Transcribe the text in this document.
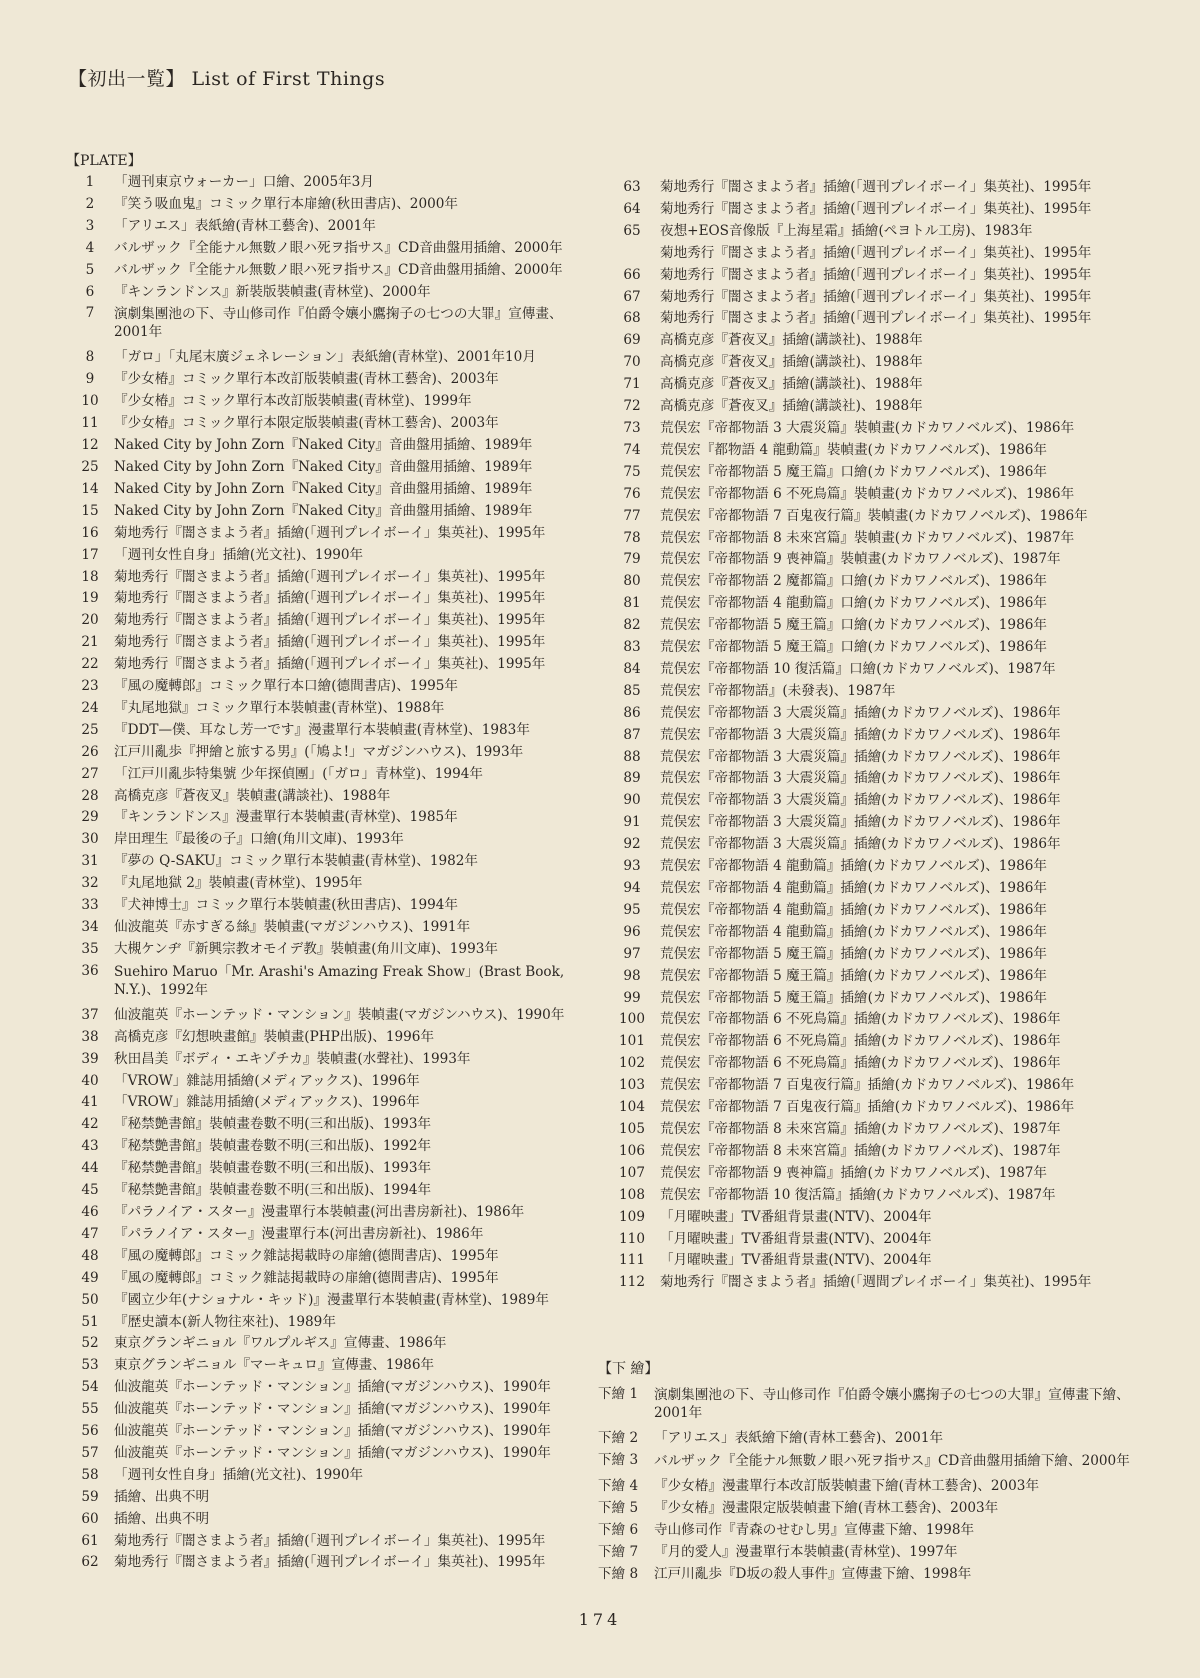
【初出一覧】 List of First Things
【PLATE】
1	「週刊東京ウォーカー」口繪、2005年3月
2	『笑う吸血鬼』コミック單行本扉繪(秋田書店)、2000年
3	「アリエス」表紙繪(青林工藝舍)、2001年
4	バルザック『全能ナル無數ノ眼ハ死ヲ指サス』CD音曲盤用插繪、2000年
5	バルザック『全能ナル無數ノ眼ハ死ヲ指サス』CD音曲盤用插繪、2000年
6	『キンランドンス』新裝版裝幀畫(青林堂)、2000年
7	演劇集團池の下、寺山修司作『伯爵令孃小鷹掬子の七つの大罪』宣傳畫、2001年
8	「ガロ」「丸尾末廣ジェネレーション」表紙繪(青林堂)、2001年10月
9	『少女椿』コミック單行本改訂版裝幀畫(青林工藝舍)、2003年
10	『少女椿』コミック單行本改訂版裝幀畫(青林堂)、1999年
11	『少女椿』コミック單行本限定版裝幀畫(青林工藝舍)、2003年
12	Naked City by John Zorn『Naked City』音曲盤用插繪、1989年
25	Naked City by John Zorn『Naked City』音曲盤用插繪、1989年
14	Naked City by John Zorn『Naked City』音曲盤用插繪、1989年
15	Naked City by John Zorn『Naked City』音曲盤用插繪、1989年
16	菊地秀行『闇さまよう者』插繪(「週刊プレイボーイ」集英社)、1995年
17	「週刊女性自身」插繪(光文社)、1990年
18	菊地秀行『闇さまよう者』插繪(「週刊プレイボーイ」集英社)、1995年
19	菊地秀行『闇さまよう者』插繪(「週刊プレイボーイ」集英社)、1995年
20	菊地秀行『闇さまよう者』插繪(「週刊プレイボーイ」集英社)、1995年
21	菊地秀行『闇さまよう者』插繪(「週刊プレイボーイ」集英社)、1995年
22	菊地秀行『闇さまよう者』插繪(「週刊プレイボーイ」集英社)、1995年
23	『風の魔轉郎』コミック單行本口繪(德間書店)、1995年
24	『丸尾地獄』コミック單行本裝幀畫(青林堂)、1988年
25	『DDT—僕、耳なし芳一です』漫畫單行本裝幀畫(青林堂)、1983年
26	江戸川亂歩『押繪と旅する男』(「鳩よ!」マガジンハウス)、1993年
27	「江戸川亂歩特集號 少年探偵團」(「ガロ」青林堂)、1994年
28	高橋克彦『蒼夜叉』裝幀畫(講談社)、1988年
29	『キンランドンス』漫畫單行本裝幀畫(青林堂)、1985年
30	岸田理生『最後の子』口繪(角川文庫)、1993年
31	『夢の Q-SAKU』コミック單行本裝幀畫(青林堂)、1982年
32	『丸尾地獄 2』裝幀畫(青林堂)、1995年
33	『犬神博士』コミック單行本裝幀畫(秋田書店)、1994年
34	仙波龍英『赤すぎる絲』裝幀畫(マガジンハウス)、1991年
35	大槻ケンヂ『新興宗教オモイデ教』裝幀畫(角川文庫)、1993年
36	Suehiro Maruo「Mr. Arashi's Amazing Freak Show」(Brast Book, N.Y.)、1992年
37	仙波龍英『ホーンテッド・マンション』裝幀畫(マガジンハウス)、1990年
38	高橋克彦『幻想映畫館』裝幀畫(PHP出版)、1996年
39	秋田昌美『ボディ・エキゾチカ』裝幀畫(水聲社)、1993年
40	「VROW」雜誌用插繪(メディアックス)、1996年
41	「VROW」雜誌用插繪(メディアックス)、1996年
42	『秘禁艶書館』裝幀畫卷數不明(三和出版)、1993年
43	『秘禁艶書館』裝幀畫卷數不明(三和出版)、1992年
44	『秘禁艶書館』裝幀畫卷數不明(三和出版)、1993年
45	『秘禁艶書館』裝幀畫卷數不明(三和出版)、1994年
46	『パラノイア・スター』漫畫單行本裝幀畫(河出書房新社)、1986年
47	『パラノイア・スター』漫畫單行本(河出書房新社)、1986年
48	『風の魔轉郎』コミック雜誌掲載時の扉繪(德間書店)、1995年
49	『風の魔轉郎』コミック雜誌掲載時の扉繪(德間書店)、1995年
50	『國立少年(ナショナル・キッド)』漫畫單行本裝幀畫(青林堂)、1989年
51	『歴史讀本(新人物往來社)、1989年
52	東京グランギニョル『ワルプルギス』宣傳畫、1986年
53	東京グランギニョル『マーキュロ』宣傳畫、1986年
54	仙波龍英『ホーンテッド・マンション』插繪(マガジンハウス)、1990年
55	仙波龍英『ホーンテッド・マンション』插繪(マガジンハウス)、1990年
56	仙波龍英『ホーンテッド・マンション』插繪(マガジンハウス)、1990年
57	仙波龍英『ホーンテッド・マンション』插繪(マガジンハウス)、1990年
58	「週刊女性自身」插繪(光文社)、1990年
59	插繪、出典不明
60	插繪、出典不明
61	菊地秀行『闇さまよう者』插繪(「週刊プレイボーイ」集英社)、1995年
62	菊地秀行『闇さまよう者』插繪(「週刊プレイボーイ」集英社)、1995年
63	菊地秀行『闇さまよう者』插繪(「週刊プレイボーイ」集英社)、1995年
64	菊地秀行『闇さまよう者』插繪(「週刊プレイボーイ」集英社)、1995年
65	夜想+EOS音像版『上海星霜』插繪(ペヨトル工房)、1983年
菊地秀行『闇さまよう者』插繪(「週刊プレイボーイ」集英社)、1995年
66	菊地秀行『闇さまよう者』插繪(「週刊プレイボーイ」集英社)、1995年
67	菊地秀行『闇さまよう者』插繪(「週刊プレイボーイ」集英社)、1995年
68	菊地秀行『闇さまよう者』插繪(「週刊プレイボーイ」集英社)、1995年
69	高橋克彦『蒼夜叉』插繪(講談社)、1988年
70	高橋克彦『蒼夜叉』插繪(講談社)、1988年
71	高橋克彦『蒼夜叉』插繪(講談社)、1988年
72	高橋克彦『蒼夜叉』插繪(講談社)、1988年
73	荒俣宏『帝都物語 3 大震災篇』裝幀畫(カドカワノベルズ)、1986年
74	荒俣宏『都物語 4 龍動篇』裝幀畫(カドカワノベルズ)、1986年
75	荒俣宏『帝都物語 5 魔王篇』口繪(カドカワノベルズ)、1986年
76	荒俣宏『帝都物語 6 不死鳥篇』裝幀畫(カドカワノベルズ)、1986年
77	荒俣宏『帝都物語 7 百鬼夜行篇』裝幀畫(カドカワノベルズ)、1986年
78	荒俣宏『帝都物語 8 未來宮篇』裝幀畫(カドカワノベルズ)、1987年
79	荒俣宏『帝都物語 9 喪神篇』裝幀畫(カドカワノベルズ)、1987年
80	荒俣宏『帝都物語 2 魔都篇』口繪(カドカワノベルズ)、1986年
81	荒俣宏『帝都物語 4 龍動篇』口繪(カドカワノベルズ)、1986年
82	荒俣宏『帝都物語 5 魔王篇』口繪(カドカワノベルズ)、1986年
83	荒俣宏『帝都物語 5 魔王篇』口繪(カドカワノベルズ)、1986年
84	荒俣宏『帝都物語 10 復活篇』口繪(カドカワノベルズ)、1987年
85	荒俣宏『帝都物語』(未發表)、1987年
86	荒俣宏『帝都物語 3 大震災篇』插繪(カドカワノベルズ)、1986年
87	荒俣宏『帝都物語 3 大震災篇』插繪(カドカワノベルズ)、1986年
88	荒俣宏『帝都物語 3 大震災篇』插繪(カドカワノベルズ)、1986年
89	荒俣宏『帝都物語 3 大震災篇』插繪(カドカワノベルズ)、1986年
90	荒俣宏『帝都物語 3 大震災篇』插繪(カドカワノベルズ)、1986年
91	荒俣宏『帝都物語 3 大震災篇』插繪(カドカワノベルズ)、1986年
92	荒俣宏『帝都物語 3 大震災篇』插繪(カドカワノベルズ)、1986年
93	荒俣宏『帝都物語 4 龍動篇』插繪(カドカワノベルズ)、1986年
94	荒俣宏『帝都物語 4 龍動篇』插繪(カドカワノベルズ)、1986年
95	荒俣宏『帝都物語 4 龍動篇』插繪(カドカワノベルズ)、1986年
96	荒俣宏『帝都物語 4 龍動篇』插繪(カドカワノベルズ)、1986年
97	荒俣宏『帝都物語 5 魔王篇』插繪(カドカワノベルズ)、1986年
98	荒俣宏『帝都物語 5 魔王篇』插繪(カドカワノベルズ)、1986年
99	荒俣宏『帝都物語 5 魔王篇』插繪(カドカワノベルズ)、1986年
100	荒俣宏『帝都物語 6 不死鳥篇』插繪(カドカワノベルズ)、1986年
101	荒俣宏『帝都物語 6 不死鳥篇』插繪(カドカワノベルズ)、1986年
102	荒俣宏『帝都物語 6 不死鳥篇』插繪(カドカワノベルズ)、1986年
103	荒俣宏『帝都物語 7 百鬼夜行篇』插繪(カドカワノベルズ)、1986年
104	荒俣宏『帝都物語 7 百鬼夜行篇』插繪(カドカワノベルズ)、1986年
105	荒俣宏『帝都物語 8 未來宮篇』插繪(カドカワノベルズ)、1987年
106	荒俣宏『帝都物語 8 未來宮篇』插繪(カドカワノベルズ)、1987年
107	荒俣宏『帝都物語 9 喪神篇』插繪(カドカワノベルズ)、1987年
108	荒俣宏『帝都物語 10 復活篇』插繪(カドカワノベルズ)、1987年
109	「月曜映畫」TV番組背景畫(NTV)、2004年
110	「月曜映畫」TV番組背景畫(NTV)、2004年
111	「月曜映畫」TV番組背景畫(NTV)、2004年
112	菊地秀行『闇さまよう者』插繪(「週間プレイボーイ」集英社)、1995年
【下 繪】
下繪 1	演劇集團池の下、寺山修司作『伯爵令孃小鷹掬子の七つの大罪』宣傳畫下繪、2001年
下繪 2	「アリエス」表紙繪下繪(青林工藝舍)、2001年
下繪 3	バルザック『全能ナル無數ノ眼ハ死ヲ指サス』CD音曲盤用插繪下繪、2000年
下繪 4	『少女椿』漫畫單行本改訂版裝幀畫下繪(青林工藝舍)、2003年
下繪 5	『少女椿』漫畫限定版裝幀畫下繪(青林工藝舍)、2003年
下繪 6	寺山修司作『青森のせむし男』宣傳畫下繪、1998年
下繪 7	『月的愛人』漫畫單行本裝幀畫(青林堂)、1997年
下繪 8	江戸川亂歩『D坂の殺人事件』宣傳畫下繪、1998年
174
